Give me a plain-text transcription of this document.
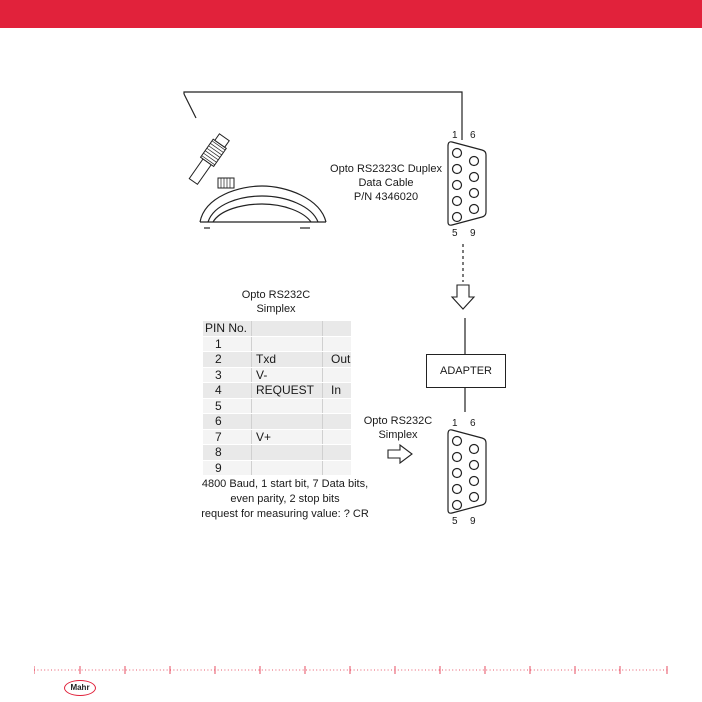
1 6
5 9
Opto RS2323C Duplex
Data Cable
P/N 4346020
Opto RS232C
Simplex
PIN No.
1
2	Txd	Out
3	V-
4	REQUEST	In
5
6
7	V+
8
9
4800 Baud, 1 start bit, 7 Data bits,
even parity, 2 stop bits
request for measuring value: ? CR
ADAPTER
Opto RS232C
Simplex
1 6
5 9
Mahr
